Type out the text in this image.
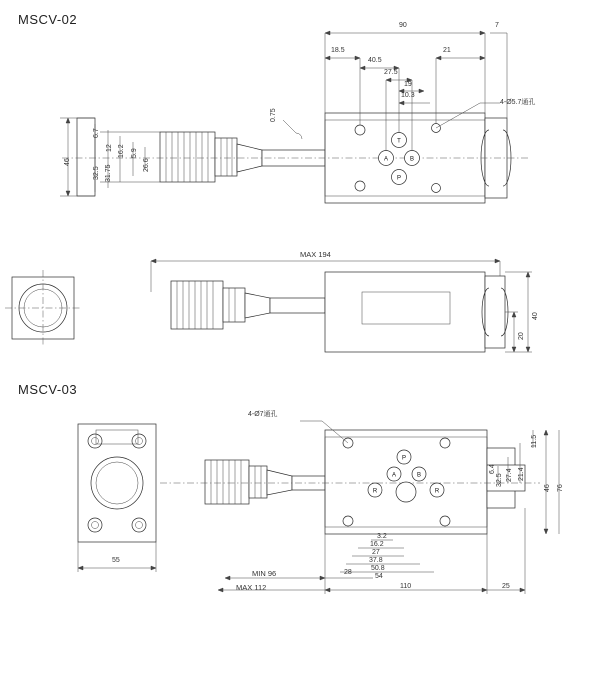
MSCV-02
MSCV-03
T
A	B
P
P
A	B
R	R
90	7
21
18.5
40.5
27.5
19
10.3
4-Ø5.7通孔
46
6.7
12 16.2 5.9
26.6
31.75
32.5
0.75
MAX 194
40
20
4-Ø7通孔
3.2
16.2
27
37.8
50.8
54
MIN 96
MAX 112
28
110	25
55
11.5
21.4
27.4
32.5
46 76
6.4
